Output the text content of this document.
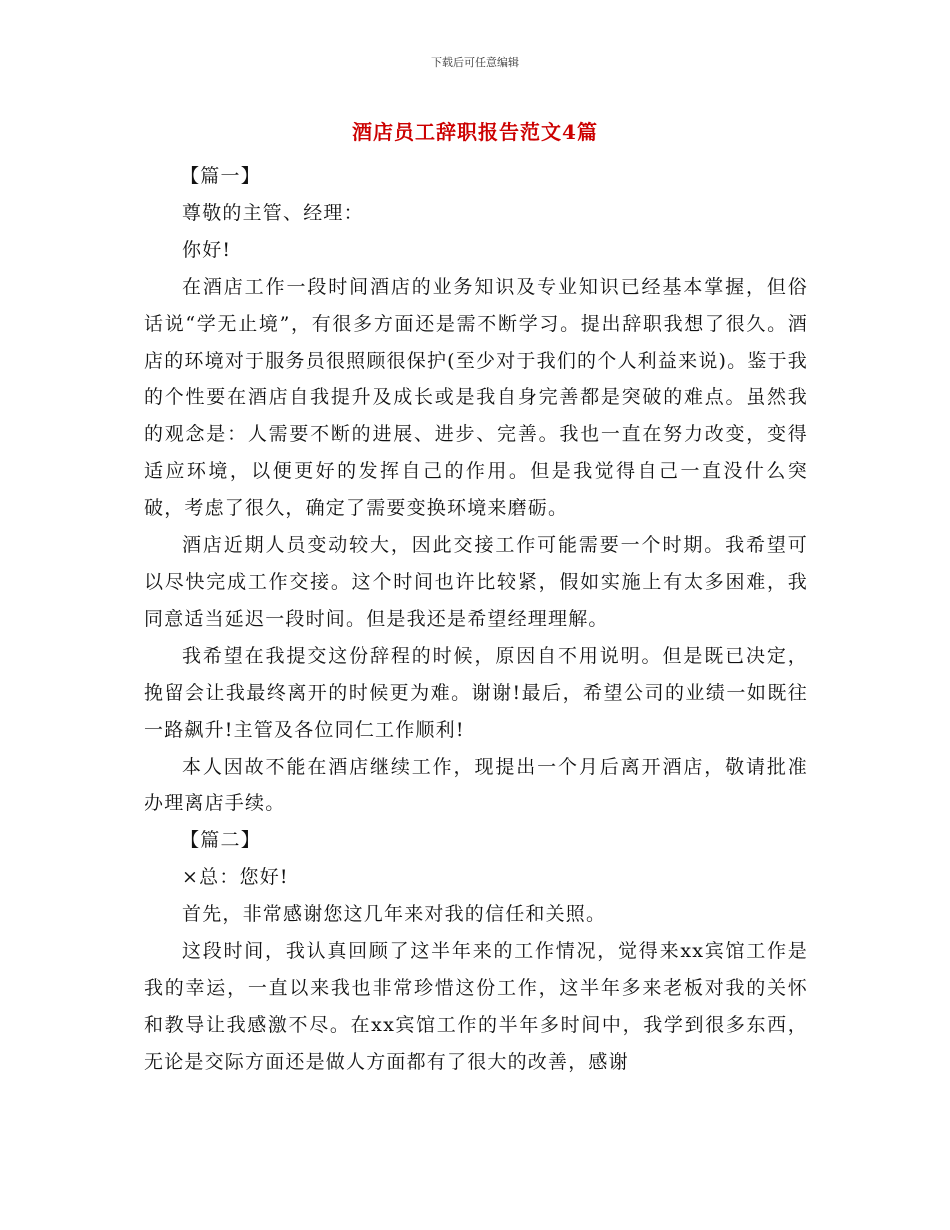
下载后可任意编辑
酒店员工辞职报告范文4篇

【篇一】

尊敬的主管、经理：

你好!

在酒店工作一段时间酒店的业务知识及专业知识已经基本掌握，但俗话说“学无止境”，有很多方面还是需不断学习。提出辞职我想了很久。酒店的环境对于服务员很照顾很保护(至少对于我们的个人利益来说)。鉴于我的个性要在酒店自我提升及成长或是我自身完善都是突破的难点。虽然我的观念是：人需要不断的进展、进步、完善。我也一直在努力改变，变得适应环境，以便更好的发挥自己的作用。但是我觉得自己一直没什么突破，考虑了很久，确定了需要变换环境来磨砺。

酒店近期人员变动较大，因此交接工作可能需要一个时期。我希望可以尽快完成工作交接。这个时间也许比较紧，假如实施上有太多困难，我同意适当延迟一段时间。但是我还是希望经理理解。

我希望在我提交这份辞程的时候，原因自不用说明。但是既已决定，挽留会让我最终离开的时候更为难。谢谢!最后，希望公司的业绩一如既往一路飙升!主管及各位同仁工作顺利!

本人因故不能在酒店继续工作，现提出一个月后离开酒店，敬请批准办理离店手续。

【篇二】

×总：您好!

首先，非常感谢您这几年来对我的信任和关照。

这段时间，我认真回顾了这半年来的工作情况，觉得来xx宾馆工作是我的幸运，一直以来我也非常珍惜这份工作，这半年多来老板对我的关怀和教导让我感激不尽。在xx宾馆工作的半年多时间中，我学到很多东西，无论是交际方面还是做人方面都有了很大的改善，感谢
